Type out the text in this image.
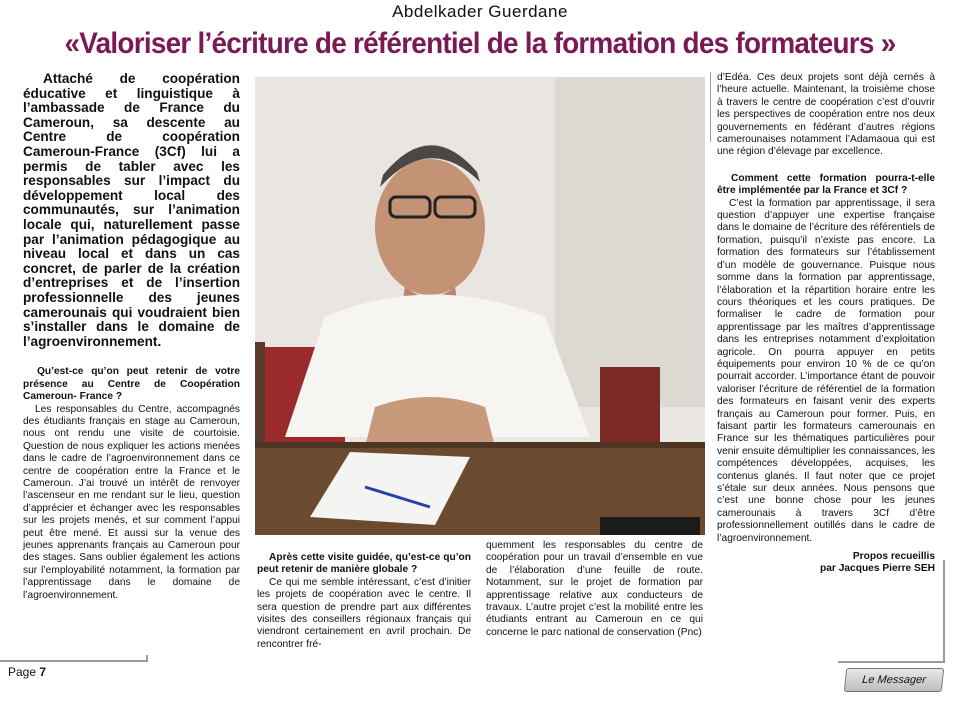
Abdelkader Guerdane
«Valoriser l’écriture de référentiel de la formation des formateurs »
Attaché de coopération éducative et linguistique à l’ambassade de France du Cameroun, sa descente au Centre de coopération Cameroun-France (3Cf) lui a permis de tabler avec les responsables sur l’impact du développement local des communautés, sur l’animation locale qui, naturellement passe par l’animation pédagogique au niveau local et dans un cas concret, de parler de la création d’entreprises et de l’insertion professionnelle des jeunes camerounais qui voudraient bien s’installer dans le domaine de l’agroenvironnement.

Qu’est-ce qu’on peut retenir de votre présence au Centre de Coopération Cameroun- France ?

Les responsables du Centre, accompagnés des étudiants français en stage au Cameroun, nous ont rendu une visite de courtoisie. Question de nous expliquer les actions menées dans le cadre de l’agroenvironnement dans ce centre de coopération entre la France et le Cameroun. J’ai trouvé un intérêt de renvoyer l’ascenseur en me rendant sur le lieu, question d’apprécier et échanger avec les responsables sur les projets menés, et sur comment l’appui peut être mené. Et aussi sur la venue des jeunes apprenants français au Cameroun pour des stages. Sans oublier également les actions sur l’employabilité notamment, la formation par l’apprentissage dans le domaine de l’agroenvironnement.

Après cette visite guidée, qu’est-ce qu’on peut retenir de manière globale ?

Ce qui me semble intéressant, c’est d’initier les projets de coopération avec le centre. Il sera question de prendre part aux différentes visites des conseillers régionaux français qui viendront certainement en avril prochain. De rencontrer fré-

quemment les responsables du centre de coopération pour un travail d’ensemble en vue de l’élaboration d’une feuille de route. Notamment, sur le projet de formation par apprentissage relative aux conducteurs de travaux. L’autre projet c’est la mobilité entre les étudiants entrant au Cameroun en ce qui concerne le parc national de conservation (Pnc)

d’Edéa. Ces deux projets sont déjà cernés à l’heure actuelle. Maintenant, la troisième chose à travers le centre de coopération c’est d’ouvrir les perspectives de coopération entre nos deux gouvernements en fédérant d’autres régions camerounaises notamment l’Adamaoua qui est une région d’élevage par excellence.

Comment cette formation pourra-t-elle être implémentée par la France et 3Cf ?

C’est la formation par apprentissage, il sera question d’appuyer une expertise française dans le domaine de l’écriture des référentiels de formation, puisqu’il n’existe pas encore. La formation des formateurs sur l’établissement d’un modèle de gouvernance. Puisque nous somme dans la formation par apprentissage, l’élaboration et la répartition horaire entre les cours théoriques et les cours pratiques. De formaliser le cadre de formation pour apprentissage par les maîtres d’apprentissage dans les entreprises notamment d’exploitation agricole. On pourra appuyer en petits équipements pour environ 10 % de ce qu’on pourrait accorder. L’importance étant de pouvoir valoriser l’écriture de référentiel de la formation des formateurs en faisant venir des experts français au Cameroun pour former. Puis, en faisant partir les formateurs camerounais en France sur les thématiques particulières pour venir ensuite démultiplier les connaissances, les compétences développées, acquises, les contenus glanés. Il faut noter que ce projet s’étale sur deux années. Nous pensons que c’est une bonne chose pour les jeunes camerounais à travers 3Cf d’être professionnellement outillés dans le cadre de l’agroenvironnement.

Propos recueillis

par Jacques Pierre SEH

Page 7
Le Messager
